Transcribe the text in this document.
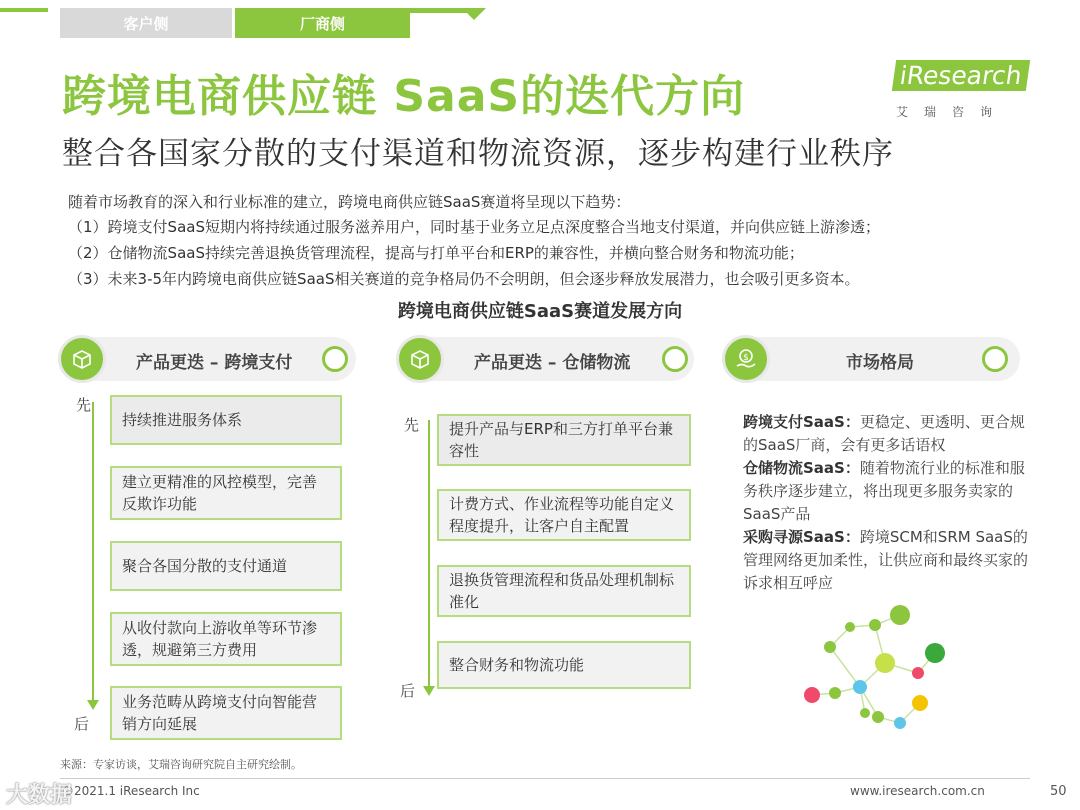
客户侧	厂商侧
跨境电商供应链 SaaS的迭代方向
整合各国家分散的支付渠道和物流资源，逐步构建行业秩序
iResearch
艾瑞咨询
随着市场教育的深入和行业标准的建立，跨境电商供应链SaaS赛道将呈现以下趋势：
（1）跨境支付SaaS短期内将持续通过服务滋养用户，同时基于业务立足点深度整合当地支付渠道，并向供应链上游渗透；
（2）仓储物流SaaS持续完善退换货管理流程，提高与打单平台和ERP的兼容性，并横向整合财务和物流功能；
（3）未来3-5年内跨境电商供应链SaaS相关赛道的竞争格局仍不会明朗，但会逐步释放发展潜力，也会吸引更多资本。
跨境电商供应链SaaS赛道发展方向
产品更迭 – 跨境支付	产品更迭 – 仓储物流	$	市场格局
先
后
持续推进服务体系
建立更精准的风控模型，完善反欺诈功能
聚合各国分散的支付通道
从收付款向上游收单等环节渗透，规避第三方费用
业务范畴从跨境支付向智能营销方向延展
先
后
提升产品与ERP和三方打单平台兼容性
计费方式、作业流程等功能自定义程度提升，让客户自主配置
退换货管理流程和货品处理机制标准化
整合财务和物流功能

跨境支付SaaS：更稳定、更透明、更合规的SaaS厂商，会有更多话语权

仓储物流SaaS：随着物流行业的标准和服务秩序逐步建立，将出现更多服务卖家的SaaS产品

采购寻源SaaS：跨境SCM和SRM SaaS的管理网络更加柔性，让供应商和最终买家的诉求相互呼应

来源：专家访谈，艾瑞咨询研究院自主研究绘制。
©2021.1 iResearch Inc	www.iresearch.com.cn	50
大数据
